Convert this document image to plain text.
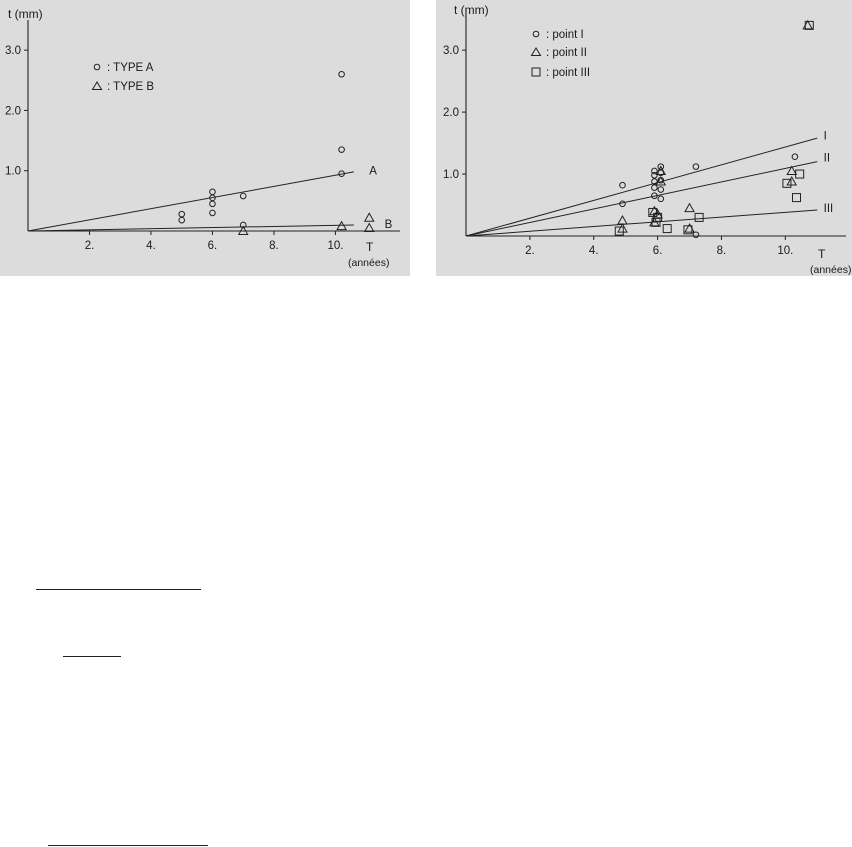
t (mm)
T
(années)
: TYPE A
: TYPE B
2.	4.	6.	8.	10.
1.0
2.0
3.0
A
B
t (mm)
T
(années)
: point I
: point II
: point III
2.	4.	6.	8.	10.
1.0
2.0
3.0
I
II
III
